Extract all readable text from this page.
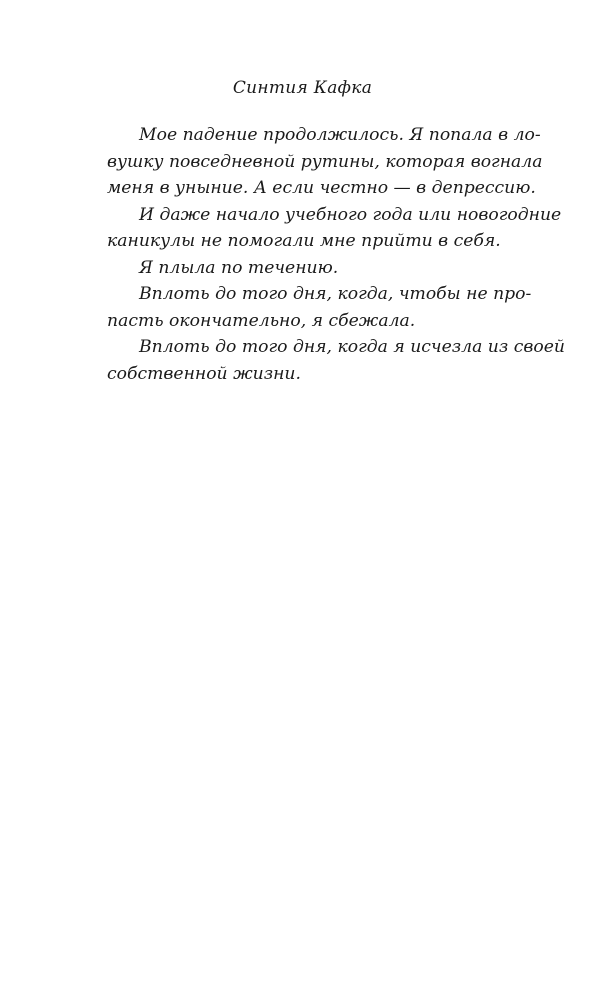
Синтия Кафка

Мое падение продолжилось. Я попала в ло-
вушку повседневной рутины, которая вогнала
меня в уныние. А если честно — в депрессию.

И даже начало учебного года или новогодние
каникулы не помогали мне прийти в себя.

Я плыла по течению.

Вплоть до того дня, когда, чтобы не про-
пасть окончательно, я сбежала.

Вплоть до того дня, когда я исчезла из своей
собственной жизни.
